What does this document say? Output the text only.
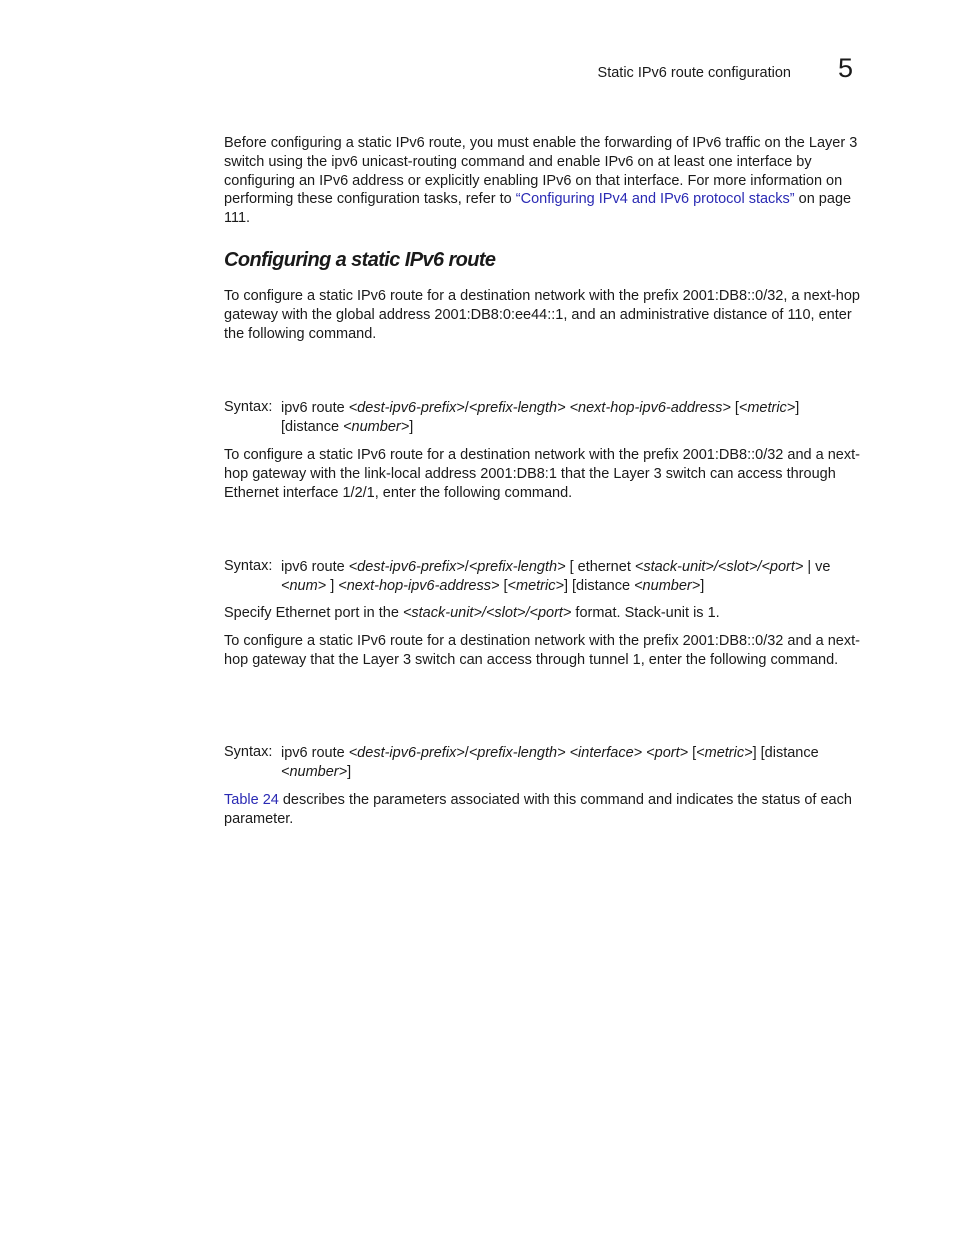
Static IPv6 route configuration 5

Before configuring a static IPv6 route, you must enable the forwarding of IPv6 traffic on the Layer 3 switch using the ipv6 unicast-routing command and enable IPv6 on at least one interface by configuring an IPv6 address or explicitly enabling IPv6 on that interface. For more information on performing these configuration tasks, refer to “Configuring IPv4 and IPv6 protocol stacks” on page 111.

Configuring a static IPv6 route

To configure a static IPv6 route for a destination network with the prefix 2001:DB8::0/32, a next-hop gateway with the global address 2001:DB8:0:ee44::1, and an administrative distance of 110, enter the following command.

Syntax: ipv6 route <dest-ipv6-prefix>/<prefix-length> <next-hop-ipv6-address> [<metric>]
[distance <number>]

To configure a static IPv6 route for a destination network with the prefix 2001:DB8::0/32 and a next-hop gateway with the link-local address 2001:DB8:1 that the Layer 3 switch can access through Ethernet interface 1/2/1, enter the following command.

Syntax: ipv6 route <dest-ipv6-prefix>/<prefix-length> [ ethernet <stack-unit>/<slot>/<port> | ve
<num> ] <next-hop-ipv6-address> [<metric>] [distance <number>]

Specify Ethernet port in the <stack-unit>/<slot>/<port> format. Stack-unit is 1.

To configure a static IPv6 route for a destination network with the prefix 2001:DB8::0/32 and a next-hop gateway that the Layer 3 switch can access through tunnel 1, enter the following command.

Syntax: ipv6 route <dest-ipv6-prefix>/<prefix-length> <interface> <port> [<metric>] [distance
<number>]

Table 24 describes the parameters associated with this command and indicates the status of each parameter.
